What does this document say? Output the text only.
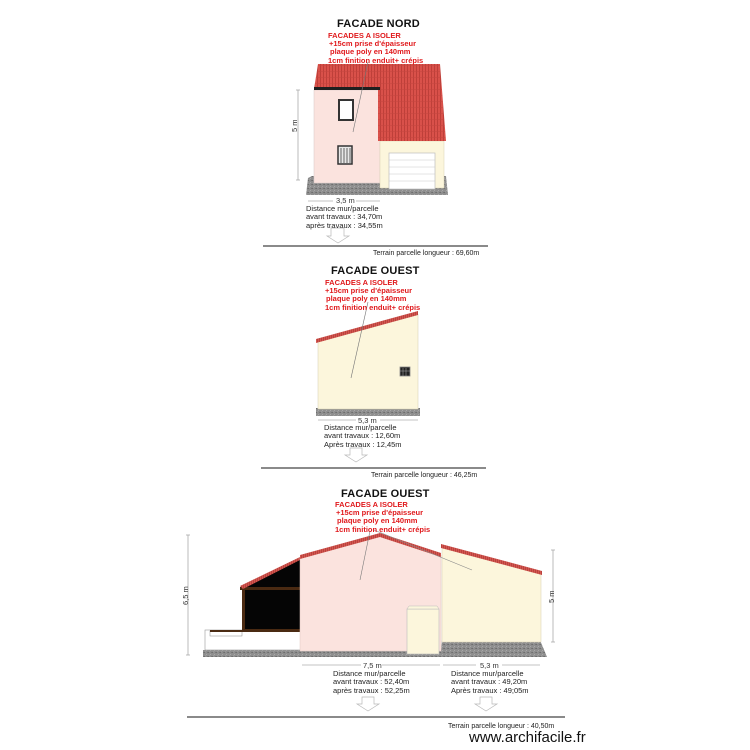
FACADE NORD
FACADES A ISOLER
+15cm prise d'épaisseur
plaque poly en 140mm
1cm finition enduit+ crépis
5 m
3,5 m
Distance mur/parcelle
avant travaux : 34,70m
après travaux : 34,55m
Terrain parcelle longueur : 69,60m
FACADE OUEST
FACADES A ISOLER
+15cm prise d'épaisseur
plaque poly en 140mm
1cm finition enduit+ crépis
5,3 m
Distance mur/parcelle
avant travaux : 12,60m
Après travaux : 12,45m
Terrain parcelle longueur : 46,25m
FACADE OUEST
FACADES A ISOLER
+15cm prise d'épaisseur
plaque poly en 140mm
1cm finition enduit+ crépis
6,5 m	5 m
7,5 m	5,3 m
Distance mur/parcelle
avant travaux : 52,40m
après travaux : 52,25m
Distance mur/parcelle
avant travaux : 49,20m
Après travaux : 49;05m
Terrain parcelle longueur : 40,50m
www.archifacile.fr
